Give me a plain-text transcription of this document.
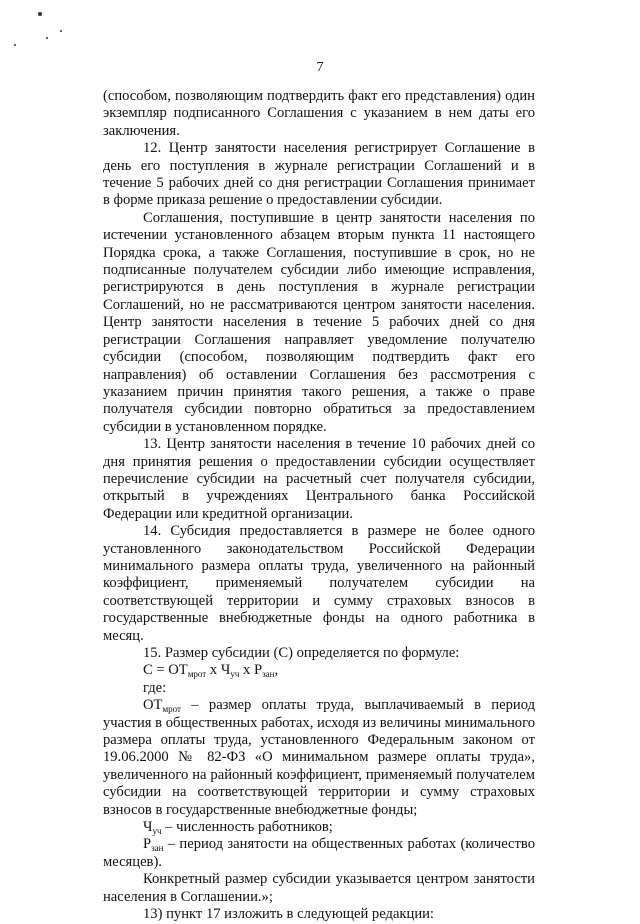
7

(способом, позволяющим подтвердить факт его представления) один экземпляр подписанного Соглашения с указанием в нем даты его заключения.

12. Центр занятости населения регистрирует Соглашение в день его поступления в журнале регистрации Соглашений и в течение 5 рабочих дней со дня регистрации Соглашения принимает в форме приказа решение о предоставлении субсидии.

Соглашения, поступившие в центр занятости населения по истечении установленного абзацем вторым пункта 11 настоящего Порядка срока, а также Соглашения, поступившие в срок, но не подписанные получателем субсидии либо имеющие исправления, регистрируются в день поступления в журнале регистрации Соглашений, но не рассматриваются центром занятости населения. Центр занятости населения в течение 5 рабочих дней со дня регистрации Соглашения направляет уведомление получателю субсидии (способом, позволяющим подтвердить факт его направления) об оставлении Соглашения без рассмотрения с указанием причин принятия такого решения, а также о праве получателя субсидии повторно обратиться за предоставлением субсидии в установленном порядке.

13. Центр занятости населения в течение 10 рабочих дней со дня принятия решения о предоставлении субсидии осуществляет перечисление субсидии на расчетный счет получателя субсидии, открытый в учреждениях Центрального банка Российской Федерации или кредитной организации.

14. Субсидия предоставляется в размере не более одного установленного законодательством Российской Федерации минимального размера оплаты труда, увеличенного на районный коэффициент, применяемый получателем субсидии на соответствующей территории и сумму страховых взносов в государственные внебюджетные фонды на одного работника в месяц.

15. Размер субсидии (С) определяется по формуле:

$С = ОТ_{мрот}$ х $Ч_{уч}$ х $Р_{зан}$,

где:

$ОТ_{мрот}$ – размер оплаты труда, выплачиваемый в период участия в общественных работах, исходя из величины минимального размера оплаты труда, установленного Федеральным законом от 19.06.2000 № 82-ФЗ «О минимальном размере оплаты труда», увеличенного на районный коэффициент, применяемый получателем субсидии на соответствующей территории и сумму страховых взносов в государственные внебюджетные фонды;

$Ч_{уч}$ – численность работников;

$Р_{зан}$ – период занятости на общественных работах (количество месяцев).

Конкретный размер субсидии указывается центром занятости населения в Соглашении.»;

13) пункт 17 изложить в следующей редакции:
